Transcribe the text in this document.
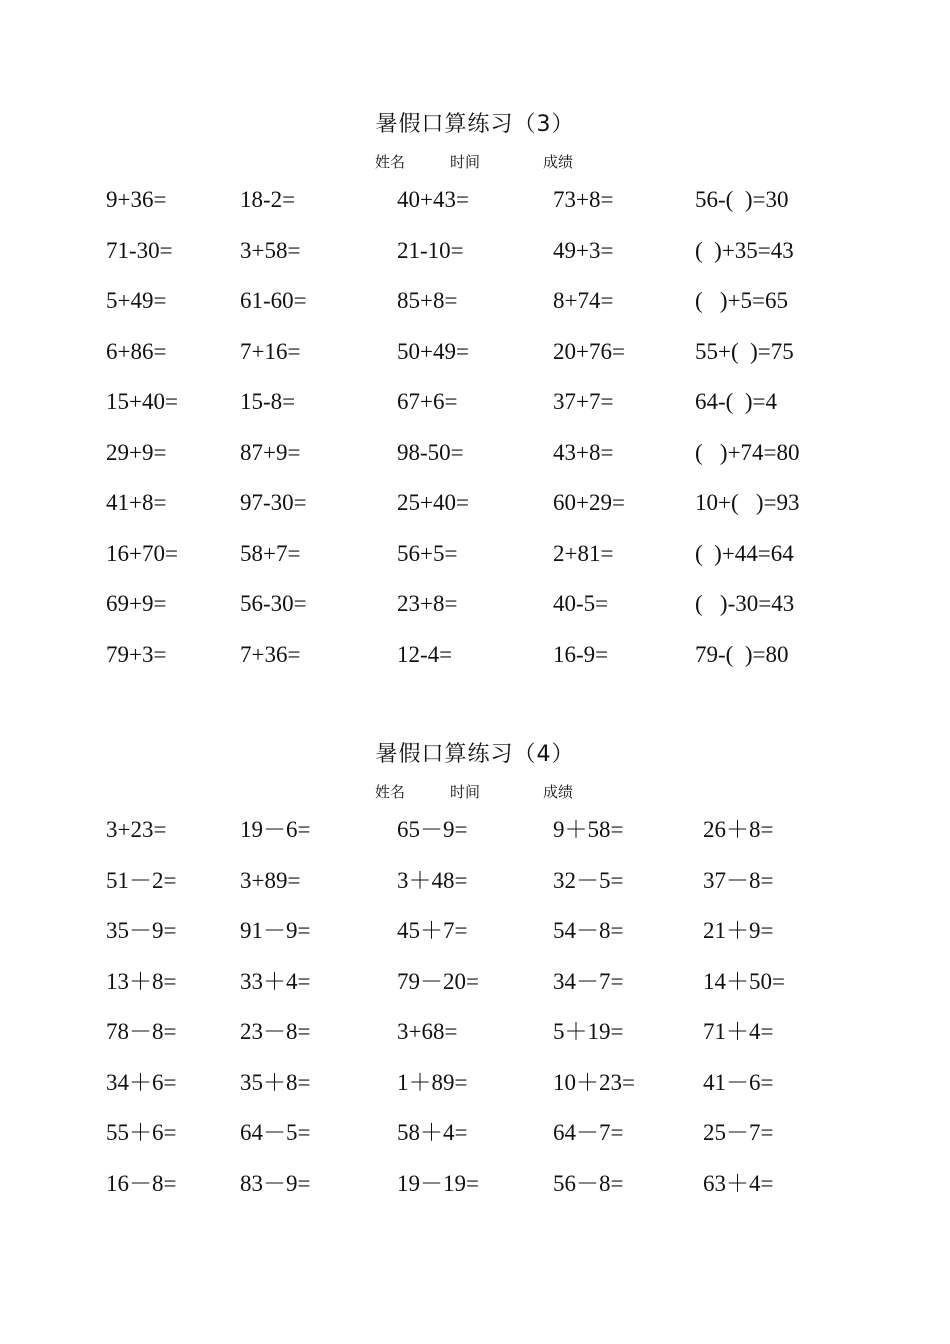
暑假口算练习（3）
姓名	时间	成绩
9+36=	18-2=	40+43=	73+8=	56-(  )=30
71-30=	3+58=	21-10=	49+3=	(  )+35=43
5+49=	61-60=	85+8=	8+74=	(   )+5=65
6+86=	7+16=	50+49=	20+76=	55+(  )=75
15+40=	15-8=	67+6=	37+7=	64-(  )=4
29+9=	87+9=	98-50=	43+8=	(   )+74=80
41+8=	97-30=	25+40=	60+29=	10+(   )=93
16+70=	58+7=	56+5=	2+81=	(  )+44=64
69+9=	56-30=	23+8=	40-5=	(   )-30=43
79+3=	7+36=	12-4=	16-9=	79-(  )=80
暑假口算练习（4）
姓名	时间	成绩
3+23=	19－6=	65－9=	9＋58=	26＋8=
51－2=	3+89=	3＋48=	32－5=	37－8=
35－9=	91－9=	45＋7=	54－8=	21＋9=
13＋8=	33＋4=	79－20=	34－7=	14＋50=
78－8=	23－8=	3+68=	5＋19=	71＋4=
34＋6=	35＋8=	1＋89=	10＋23=	41－6=
55＋6=	64－5=	58＋4=	64－7=	25－7=
16－8=	83－9=	19－19=	56－8=	63＋4=
